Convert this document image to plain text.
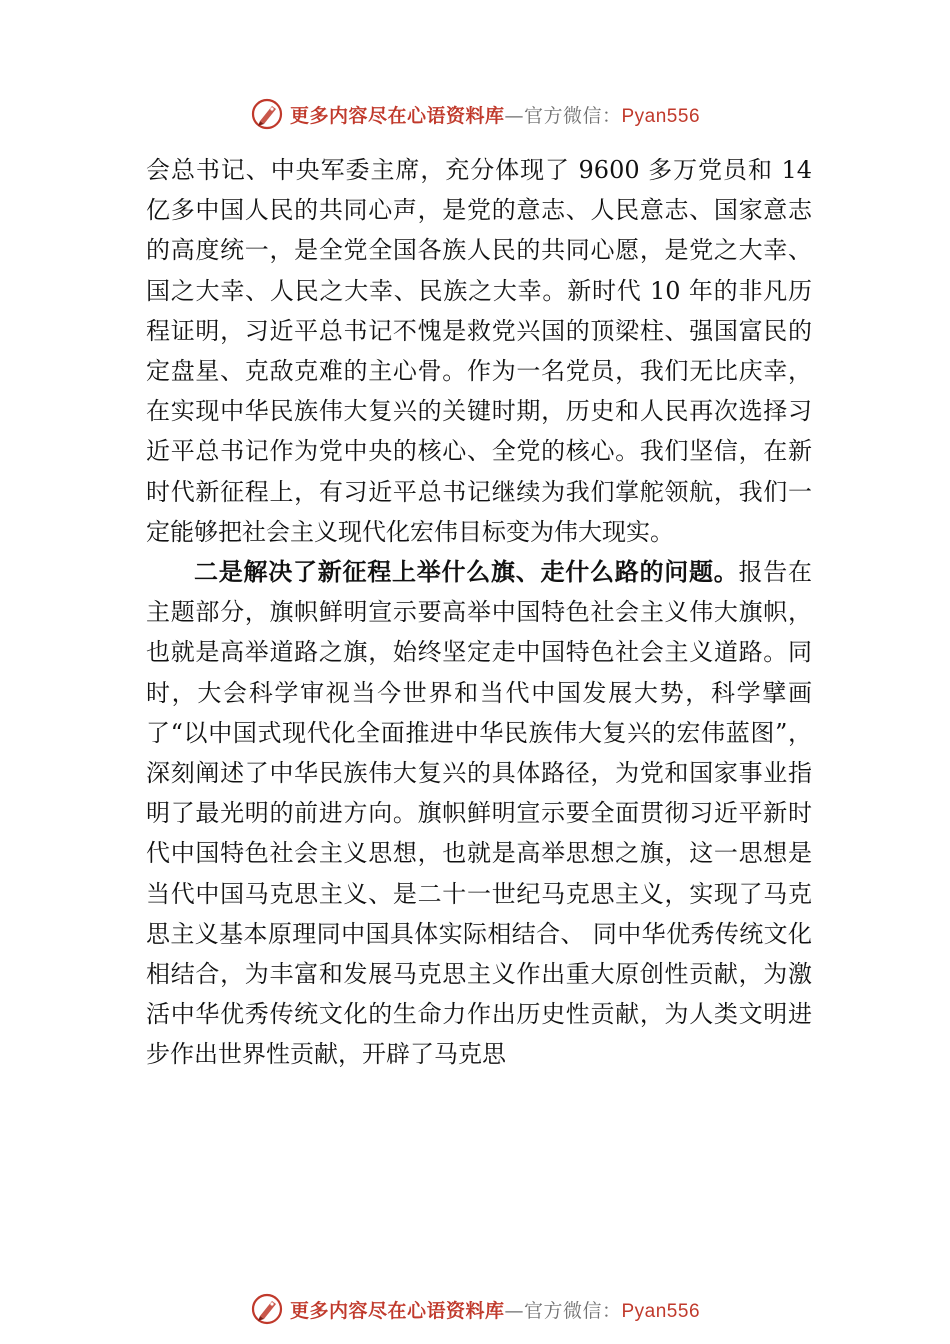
更多内容尽在心语资料库—官方微信：Pyan556

会总书记、中央军委主席，充分体现了 9600 多万党员和 14 亿多中国人民的共同心声，是党的意志、人民意志、国家意志的高度统一，是全党全国各族人民的共同心愿，是党之大幸、国之大幸、人民之大幸、民族之大幸。新时代 10 年的非凡历程证明，习近平总书记不愧是救党兴国的顶梁柱、强国富民的定盘星、克敌克难的主心骨。作为一名党员，我们无比庆幸，在实现中华民族伟大复兴的关键时期，历史和人民再次选择习近平总书记作为党中央的核心、全党的核心。我们坚信，在新时代新征程上，有习近平总书记继续为我们掌舵领航，我们一定能够把社会主义现代化宏伟目标变为伟大现实。

二是解决了新征程上举什么旗、走什么路的问题。报告在主题部分，旗帜鲜明宣示要高举中国特色社会主义伟大旗帜，也就是高举道路之旗，始终坚定走中国特色社会主义道路。同时，大会科学审视当今世界和当代中国发展大势，科学擘画了“以中国式现代化全面推进中华民族伟大复兴的宏伟蓝图”，深刻阐述了中华民族伟大复兴的具体路径，为党和国家事业指明了最光明的前进方向。旗帜鲜明宣示要全面贯彻习近平新时代中国特色社会主义思想，也就是高举思想之旗，这一思想是当代中国马克思主义、是二十一世纪马克思主义，实现了马克思主义基本原理同中国具体实际相结合、 同中华优秀传统文化相结合，为丰富和发展马克思主义作出重大原创性贡献，为激活中华优秀传统文化的生命力作出历史性贡献，为人类文明进步作出世界性贡献，开辟了马克思

更多内容尽在心语资料库—官方微信：Pyan556
